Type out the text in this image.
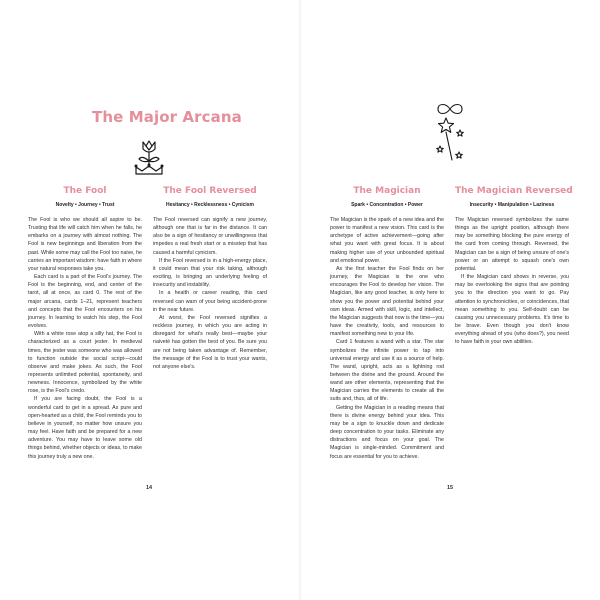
The Major Arcana
The Fool
Novelty • Journey • Trust

The Fool is who we should all aspire to be. Trusting that life will catch him when he falls, he embarks on a journey with almost nothing. The Fool is new beginnings and liberation from the past. While some may call the Fool too naive, he carries an important wisdom: have faith in where your natural responses take you.

Each card is a part of the Fool's journey. The Fool is the beginning, end, and center of the tarot, all at once, as card 0. The rest of the major arcana, cards 1–21, represent teachers and concepts that the Fool encounters on his journey. In learning to watch his step, the Fool evolves.

With a white rose atop a silly hat, the Fool is characterized as a court jester. In medieval times, the jester was someone who was allowed to function outside the social script—could observe and make jokes. As such, the Fool represents unlimited potential, spontaneity, and newness. Innocence, symbolized by the white rose, is the Fool's credo.

If you are facing doubt, the Fool is a wonderful card to get in a spread. As pure and open-hearted as a child, the Fool reminds you to believe in yourself, no matter how unsure you may feel. Have faith and be prepared for a new adventure. You may have to leave some old things behind, whether objects or ideas, to make this journey truly a new one.

The Fool Reversed
Hesitancy • Recklessness • Cynicism

The Fool reversed can signify a new journey, although one that is far in the distance. It can also be a sign of hesitancy or unwillingness that impedes a real fresh start or a misstep that has caused a harmful cynicism.

If the Fool reversed is in a high-energy place, it could mean that your risk taking, although exciting, is bringing an underlying feeling of insecurity and instability.

In a health or career reading, this card reversed can warn of your being accident-prone in the near future.

At worst, the Fool reversed signifies a reckless journey, in which you are acting in disregard for what's really best—maybe your naiveté has gotten the best of you. Be sure you are not being taken advantage of. Remember, the message of the Fool is to trust your wants, not anyone else's.

14
The Magician
Spark • Concentration • Power

The Magician is the spark of a new idea and the power to manifest a new vision. This card is the archetype of active achievement—going after what you want with great focus. It is about making higher use of your unbounded spiritual and emotional power.

As the first teacher the Fool finds on her journey, the Magician is the one who encourages the Fool to develop her vision. The Magician, like any good teacher, is only here to show you the power and potential behind your own ideas. Armed with skill, logic, and intellect, the Magician suggests that now is the time—you have the creativity, tools, and resources to manifest something new to your life.

Card 1 features a wand with a star. The star symbolizes the infinite power to tap into universal energy and use it as a source of help. The wand, upright, acts as a lightning rod between the divine and the ground. Around the wand are other elements, representing that the Magician carries the elements to create all the suits and, thus, all of life.

Getting the Magician in a reading means that there is divine energy behind your idea. This may be a sign to knuckle down and dedicate deep concentration to your tasks. Eliminate any distractions and focus on your goal. The Magician is single-minded. Commitment and focus are essential for you to achieve.

The Magician Reversed
Insecurity • Manipulation • Laziness

The Magician reversed symbolizes the same things as the upright position, although there may be something blocking the pure energy of the card from coming through. Reversed, the Magician can be a sign of being unsure of one's power or an attempt to squash one's own potential.

If the Magician card shows in reverse, you may be overlooking the signs that are pointing you to the direction you want to go. Pay attention to synchronicities, or coincidences, that mean something to you. Self-doubt can be causing you unnecessary problems. It's time to be brave. Even though you don't know everything ahead of you (who does?), you need to have faith in your own abilities.

15
